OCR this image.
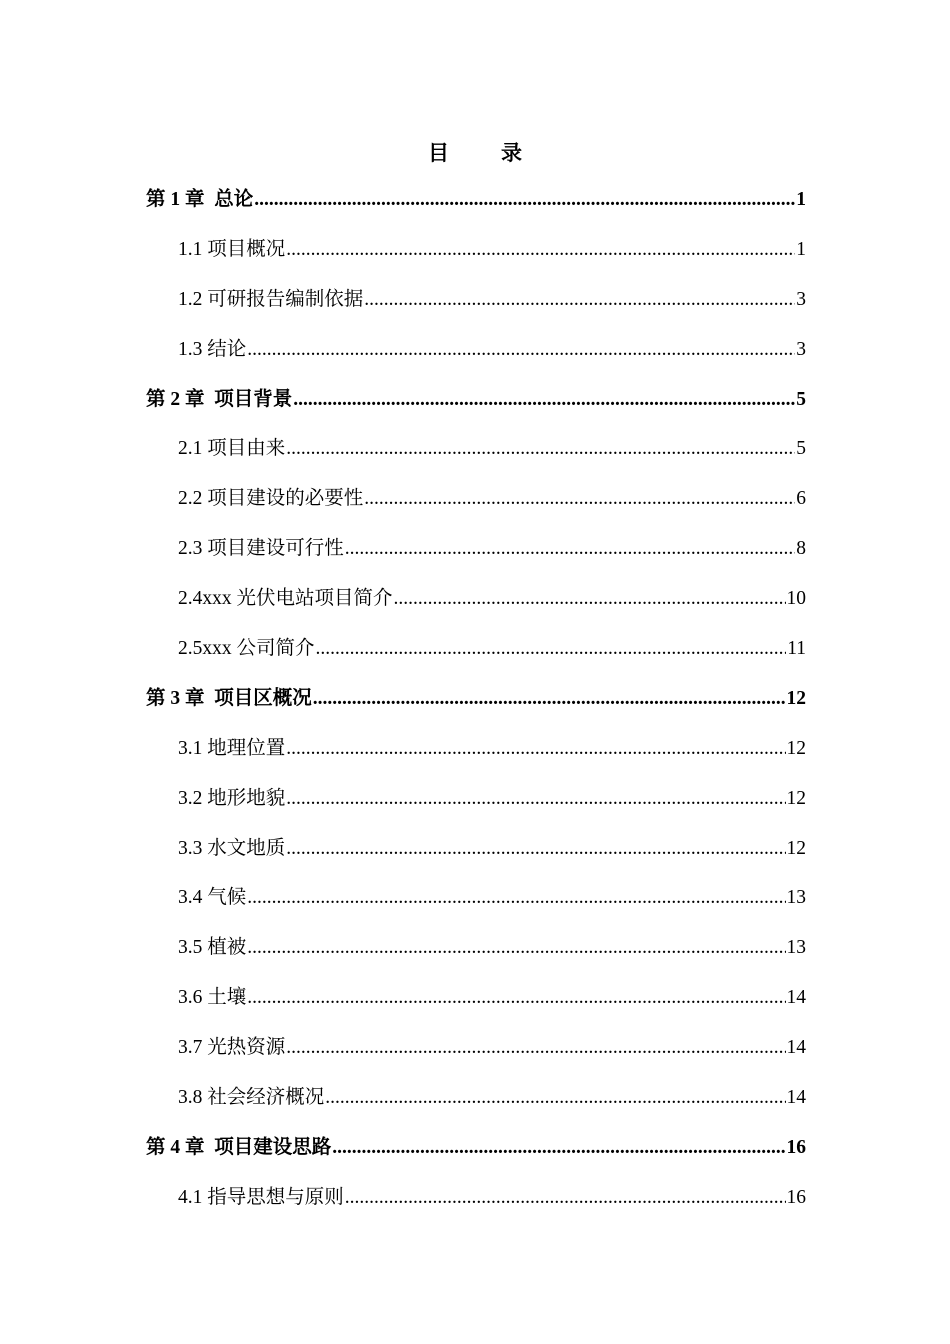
目 录
第 1 章  总论 .....	1
1.1 项目概况 .....	1
1.2 可研报告编制依据 .....	3
1.3 结论 .....	3
第 2 章  项目背景 .....	5
2.1 项目由来 .....	5
2.2 项目建设的必要性 .....	6
2.3 项目建设可行性 .....	8
2.4xxx 光伏电站项目简介 .....	10
2.5xxx 公司简介 .....	11
第 3 章  项目区概况 .....	12
3.1 地理位置 .....	12
3.2 地形地貌 .....	12
3.3 水文地质 .....	12
3.4 气候 .....	13
3.5 植被 .....	13
3.6 土壤 .....	14
3.7 光热资源 .....	14
3.8 社会经济概况 .....	14
第 4 章  项目建设思路 .....	16
4.1 指导思想与原则 .....	16
